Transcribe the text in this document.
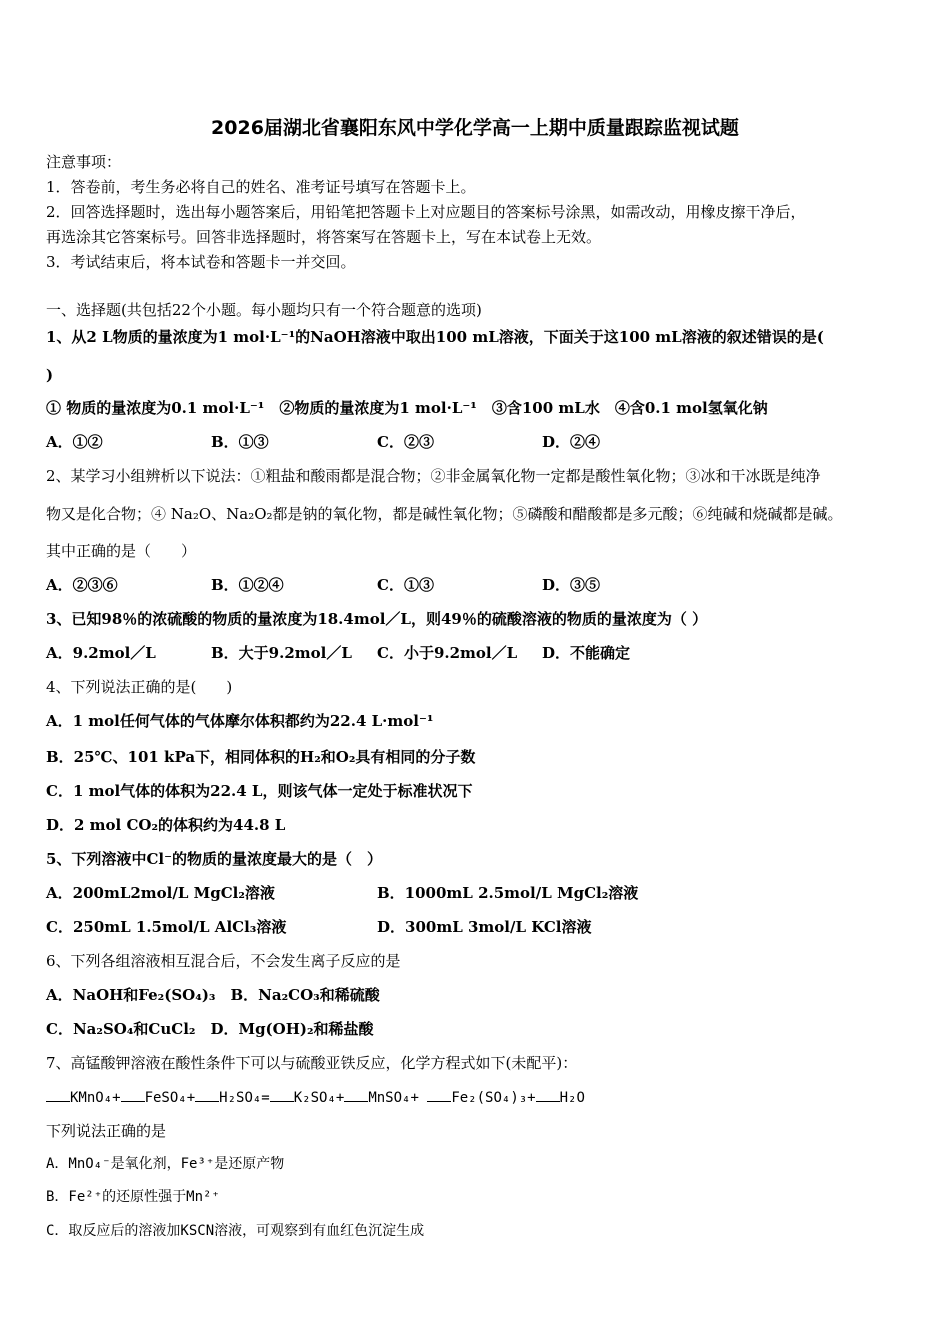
2026届湖北省襄阳东风中学化学高一上期中质量跟踪监视试题
注意事项：
1．答卷前，考生务必将自己的姓名、准考证号填写在答题卡上。
2．回答选择题时，选出每小题答案后，用铅笔把答题卡上对应题目的答案标号涂黑，如需改动，用橡皮擦干净后，
再选涂其它答案标号。回答非选择题时，将答案写在答题卡上，写在本试卷上无效。
3．考试结束后，将本试卷和答题卡一并交回。
一、选择题(共包括22个小题。每小题均只有一个符合题意的选项)
1、从2 L物质的量浓度为1 mol·L⁻¹的NaOH溶液中取出100 mL溶液，下面关于这100 mL溶液的叙述错误的是(
)
① 物质的量浓度为0.1 mol·L⁻¹　②物质的量浓度为1 mol·L⁻¹　③含100 mL水　④含0.1 mol氢氧化钠
A．①②	B．①③	C．②③	D．②④
2、某学习小组辨析以下说法：①粗盐和酸雨都是混合物；②非金属氧化物一定都是酸性氧化物；③冰和干冰既是纯净
物又是化合物；④ Na₂O、Na₂O₂都是钠的氧化物，都是碱性氧化物；⑤磷酸和醋酸都是多元酸；⑥纯碱和烧碱都是碱。
其中正确的是（　　）
A．②③⑥	B．①②④	C．①③	D．③⑤
3、已知98％的浓硫酸的物质的量浓度为18.4mol／L，则49％的硫酸溶液的物质的量浓度为（ ）
A．9.2mol／L	B．大于9.2mol／L C．小于9.2mol／L D．不能确定
4、下列说法正确的是(　　)
A．1 mol任何气体的气体摩尔体积都约为22.4 L·mol⁻¹
B．25℃、101 kPa下，相同体积的H₂和O₂具有相同的分子数
C．1 mol气体的体积为22.4 L，则该气体一定处于标准状况下
D．2 mol CO₂的体积约为44.8 L
5、下列溶液中Cl⁻的物质的量浓度最大的是（　）
A．200mL2mol/L MgCl₂溶液	B．1000mL 2.5mol/L MgCl₂溶液
C．250mL 1.5mol/L AlCl₃溶液	D．300mL 3mol/L KCl溶液
6、下列各组溶液相互混合后，不会发生离子反应的是
A．NaOH和Fe₂(SO₄)₃　B．Na₂CO₃和稀硫酸
C．Na₂SO₄和CuCl₂　D．Mg(OH)₂和稀盐酸
7、高锰酸钾溶液在酸性条件下可以与硫酸亚铁反应，化学方程式如下(未配平)：
KMnO₄+ FeSO₄+ H₂SO₄= K₂SO₄+ MnSO₄+ Fe₂(SO₄)₃+ H₂O
下列说法正确的是
A．MnO₄⁻是氧化剂，Fe³⁺是还原产物
B．Fe²⁺的还原性强于Mn²⁺
C．取反应后的溶液加KSCN溶液，可观察到有血红色沉淀生成
